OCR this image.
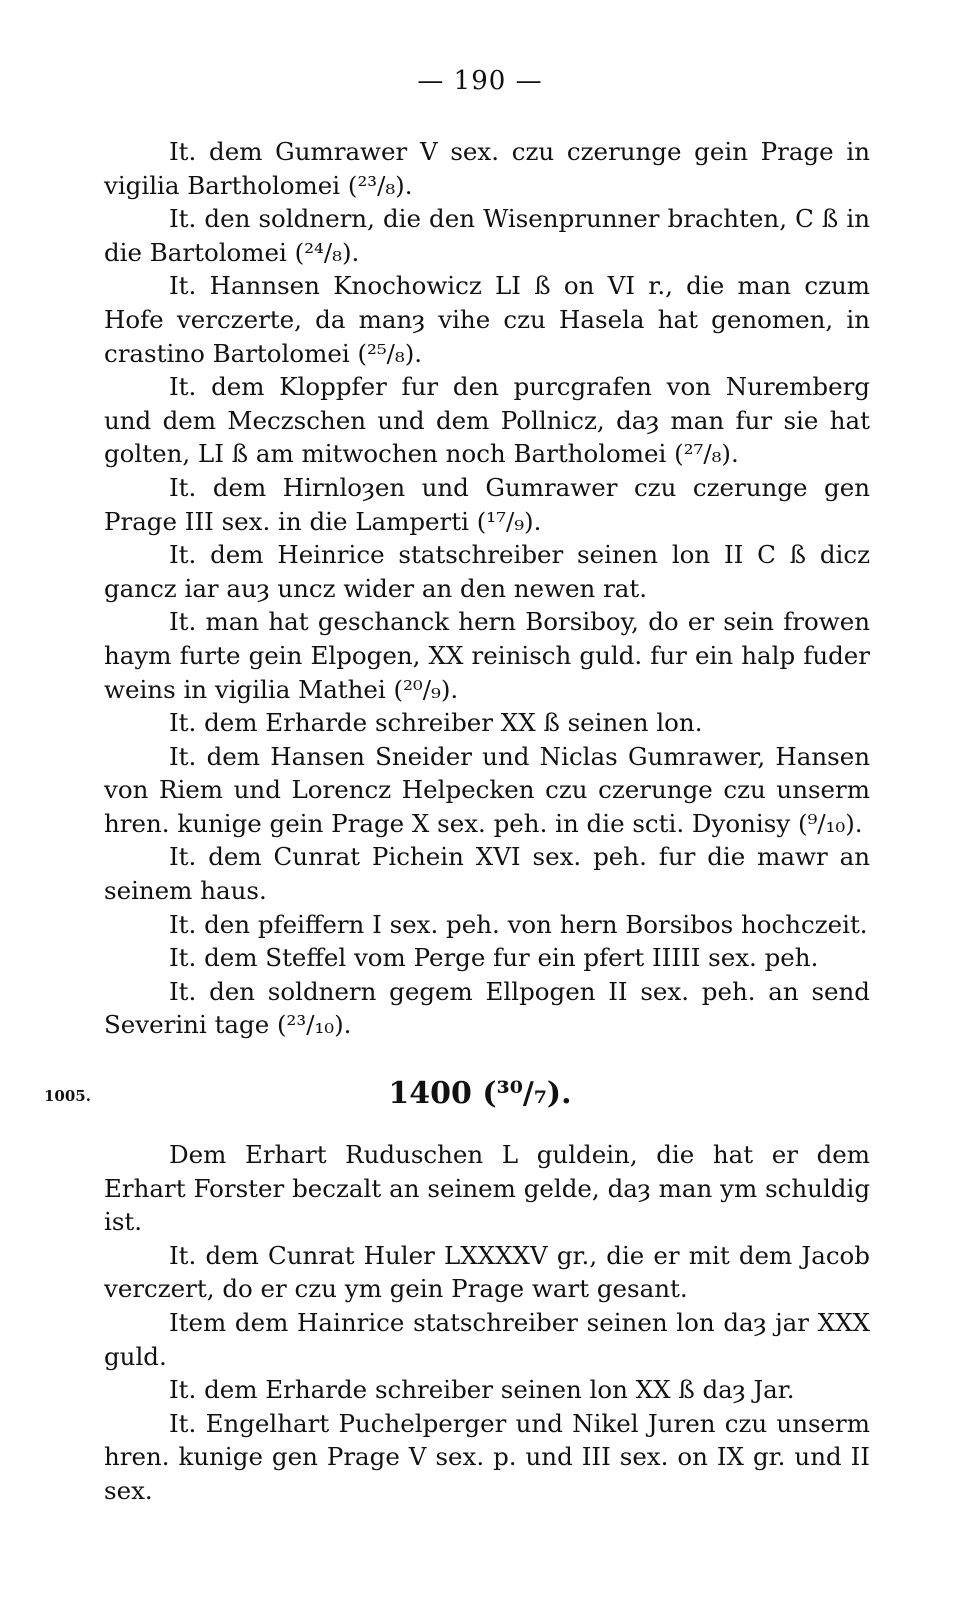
— 190 —

It. dem Gumrawer V sex. czu czerunge gein Prage in vigilia Bartholomei (²³/₈).

It. den soldnern, die den Wisenprunner brachten, C ß in die Bartolomei (²⁴/₈).

It. Hannsen Knochowicz LI ß on VI r., die man czum Hofe verczerte, da manȝ vihe czu Hasela hat genomen, in crastino Bartolomei (²⁵/₈).

It. dem Kloppfer fur den purcgrafen von Nuremberg und dem Meczschen und dem Pollnicz, daȝ man fur sie hat golten, LI ß am mitwochen noch Bartholomei (²⁷/₈).

It. dem Hirnloȝen und Gumrawer czu czerunge gen Prage III sex. in die Lamperti (¹⁷/₉).

It. dem Heinrice statschreiber seinen lon II C ß dicz gancz iar auȝ uncz wider an den newen rat.

It. man hat geschanck hern Borsiboy, do er sein frowen haym furte gein Elpogen, XX reinisch guld. fur ein halp fuder weins in vigilia Mathei (²⁰/₉).

It. dem Erharde schreiber XX ß seinen lon.

It. dem Hansen Sneider und Niclas Gumrawer, Hansen von Riem und Lorencz Helpecken czu czerunge czu unserm hren. kunige gein Prage X sex. peh. in die scti. Dyonisy (⁹/₁₀).

It. dem Cunrat Pichein XVI sex. peh. fur die mawr an seinem haus.

It. den pfeiffern I sex. peh. von hern Borsibos hochczeit.

It. dem Steffel vom Perge fur ein pfert IIIII sex. peh.

It. den soldnern gegem Ellpogen II sex. peh. an send Severini tage (²³/₁₀).

1005.	1400 (³⁰/₇).

Dem Erhart Ruduschen L guldein, die hat er dem Erhart Forster beczalt an seinem gelde, daȝ man ym schuldig ist.

It. dem Cunrat Huler LXXXXV gr., die er mit dem Jacob verczert, do er czu ym gein Prage wart gesant.

Item dem Hainrice statschreiber seinen lon daȝ jar XXX guld.

It. dem Erharde schreiber seinen lon XX ß daȝ Jar.

It. Engelhart Puchelperger und Nikel Juren czu unserm hren. kunige gen Prage V sex. p. und III sex. on IX gr. und II sex.
